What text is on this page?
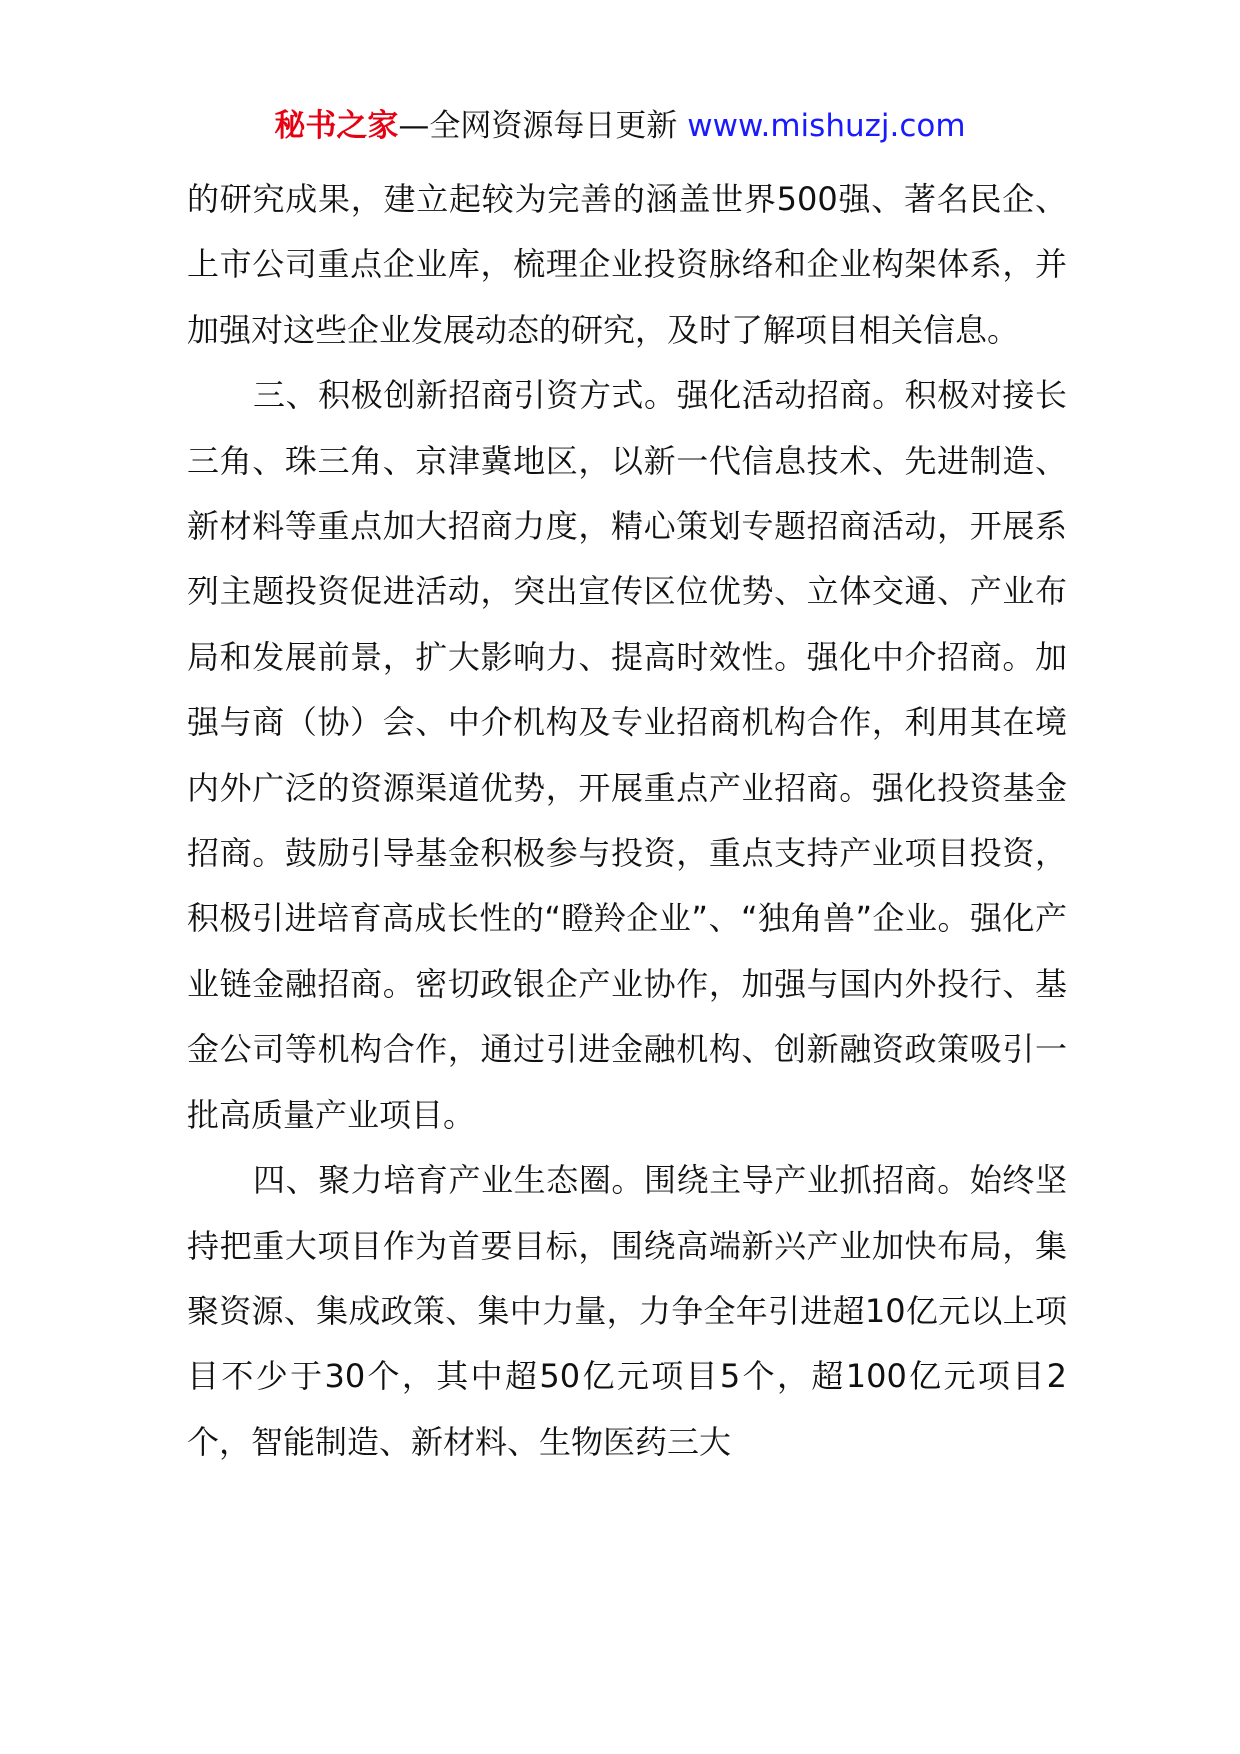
秘书之家—全网资源每日更新 www.mishuzj.com

的研究成果，建立起较为完善的涵盖世界500强、著名民企、上市公司重点企业库，梳理企业投资脉络和企业构架体系，并加强对这些企业发展动态的研究，及时了解项目相关信息。

三、积极创新招商引资方式。强化活动招商。积极对接长三角、珠三角、京津冀地区，以新一代信息技术、先进制造、新材料等重点加大招商力度，精心策划专题招商活动，开展系列主题投资促进活动，突出宣传区位优势、立体交通、产业布局和发展前景，扩大影响力、提高时效性。强化中介招商。加强与商（协）会、中介机构及专业招商机构合作，利用其在境内外广泛的资源渠道优势，开展重点产业招商。强化投资基金招商。鼓励引导基金积极参与投资，重点支持产业项目投资，积极引进培育高成长性的“瞪羚企业”、“独角兽”企业。强化产业链金融招商。密切政银企产业协作，加强与国内外投行、基金公司等机构合作，通过引进金融机构、创新融资政策吸引一批高质量产业项目。

四、聚力培育产业生态圈。围绕主导产业抓招商。始终坚持把重大项目作为首要目标，围绕高端新兴产业加快布局，集聚资源、集成政策、集中力量，力争全年引进超10亿元以上项目不少于30个，其中超50亿元项目5个，超100亿元项目2个，智能制造、新材料、生物医药三大
